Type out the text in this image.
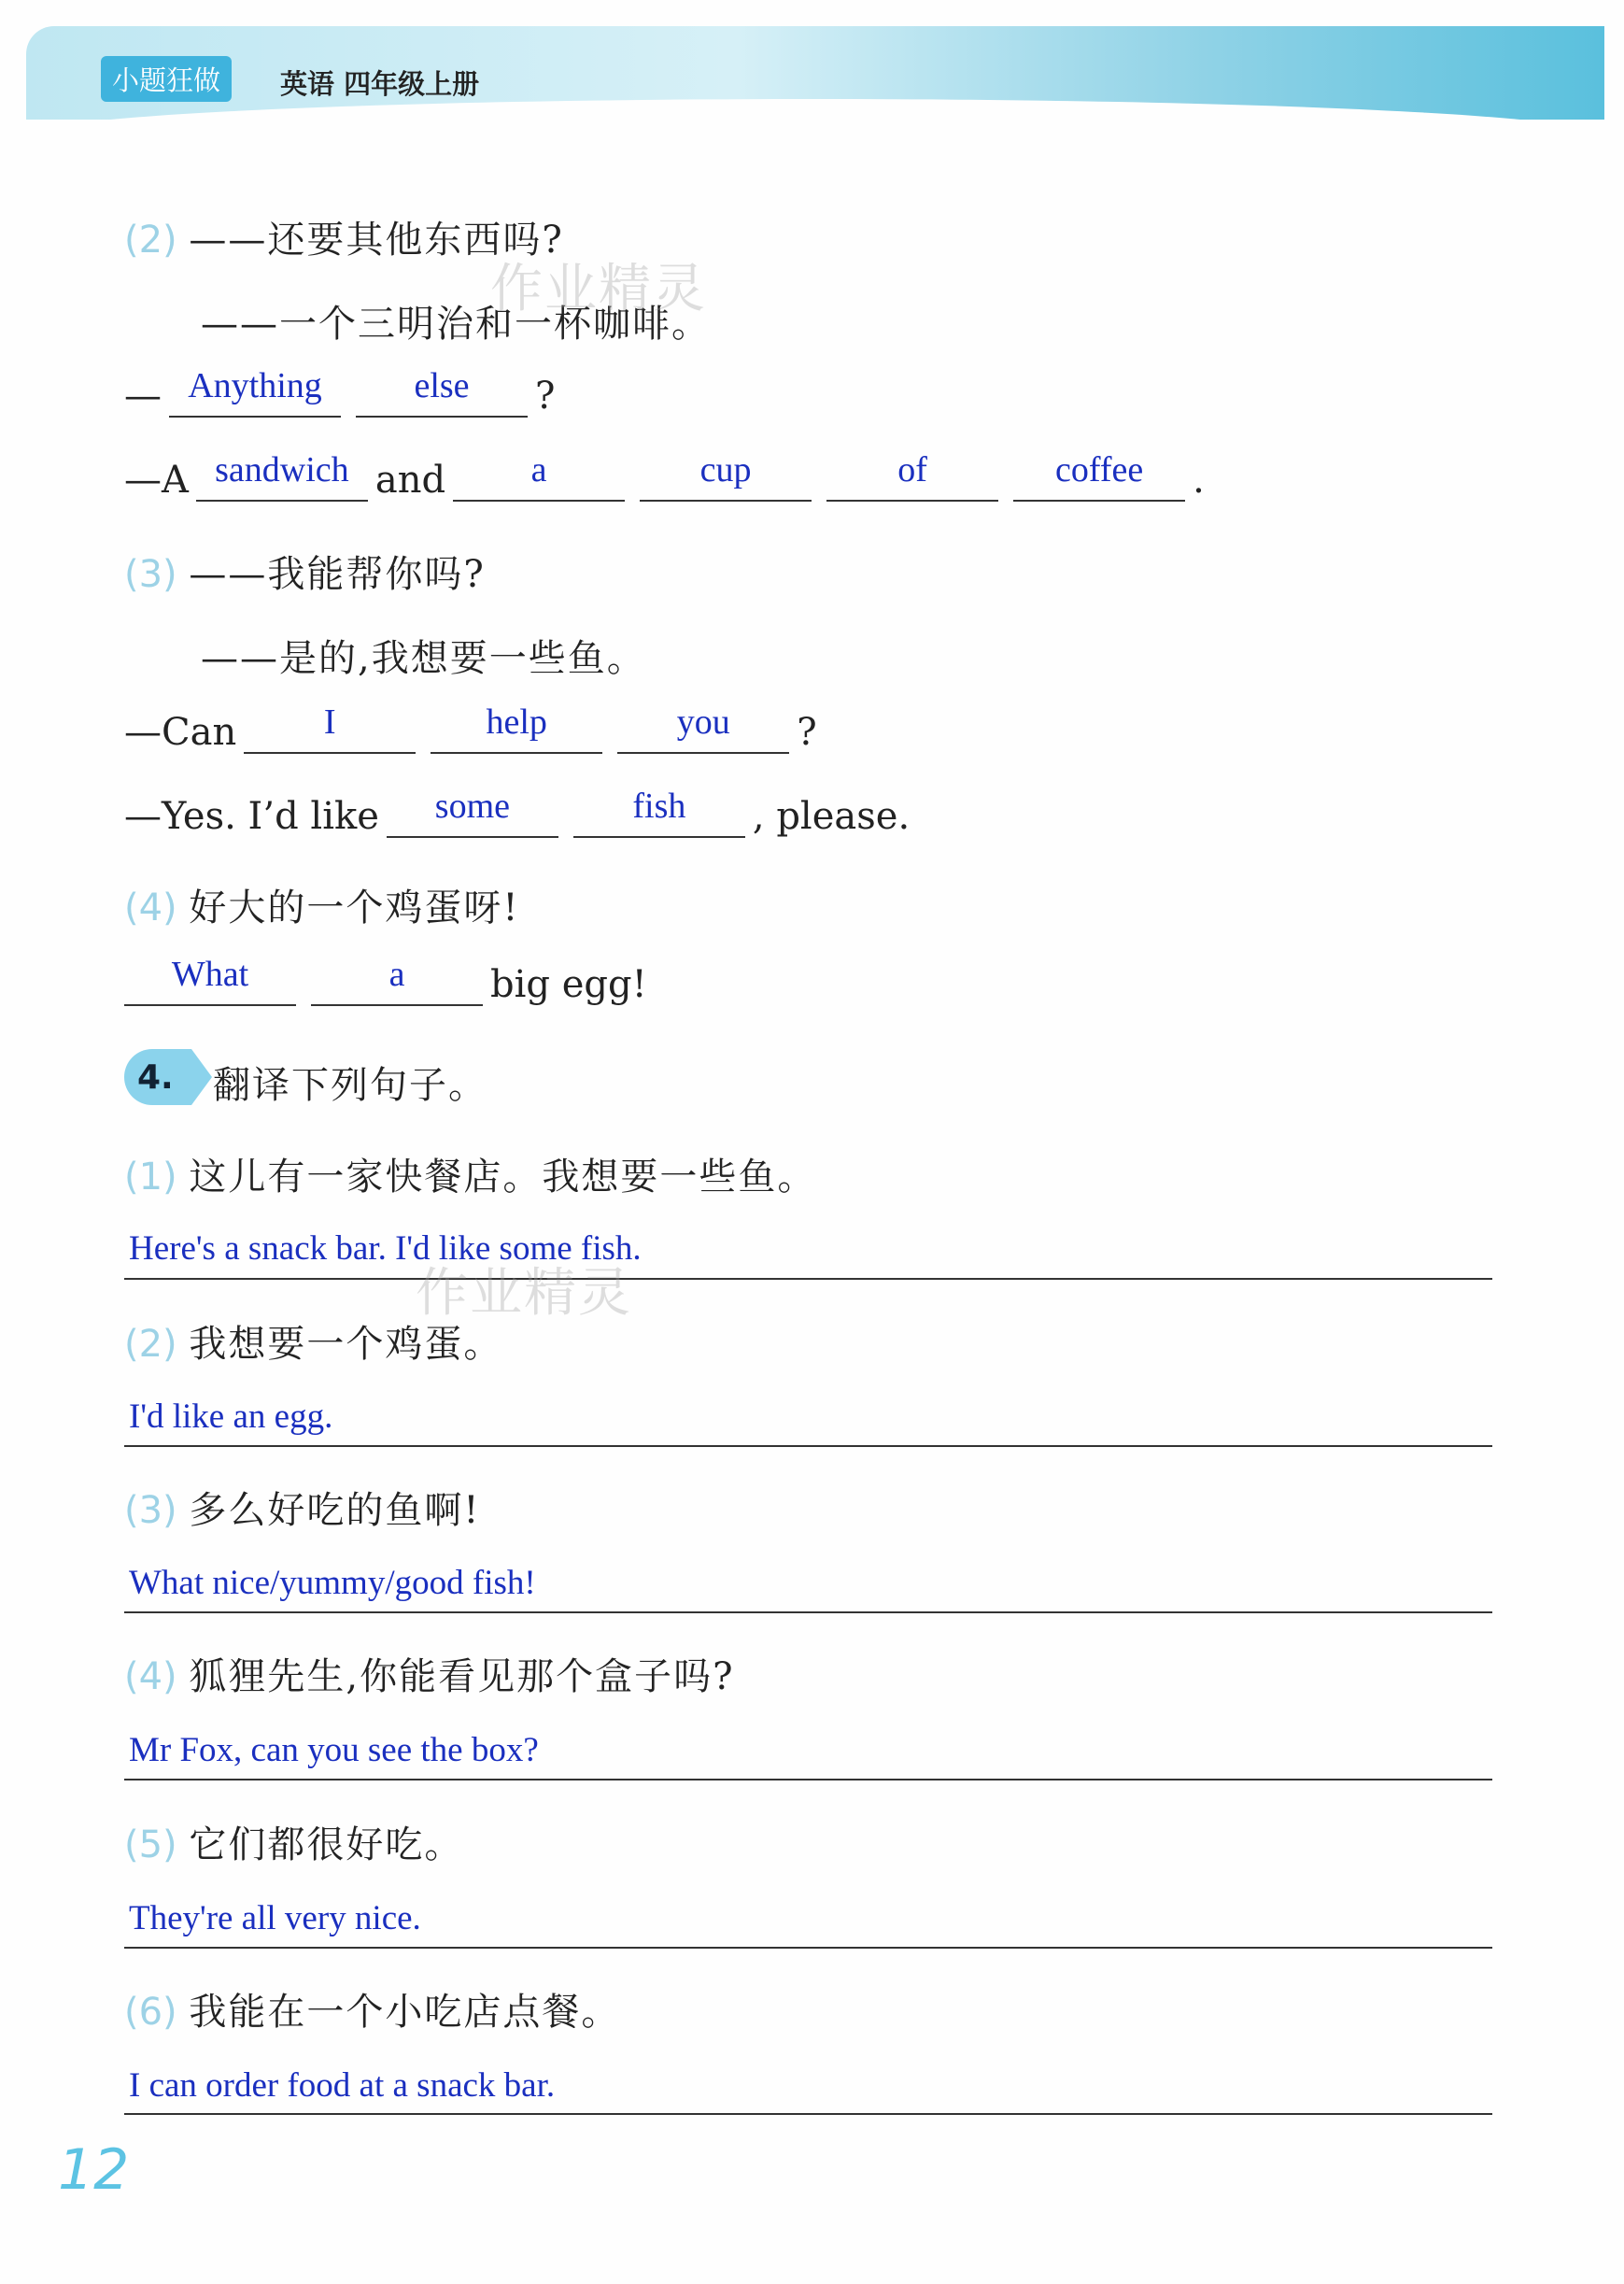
小题狂做	英语 四年级上册
(2) ——还要其他东西吗?
——一个三明治和一杯咖啡。
— Anything	else	?
—A sandwich and	a	cup	of	coffee	.
(3) ——我能帮你吗?
——是的,我想要一些鱼。
—Can	I	help	you	?
—Yes. I’d like	some	fish	, please.
(4) 好大的一个鸡蛋呀!
What	a	big egg!
4. 翻译下列句子。
(1) 这儿有一家快餐店。我想要一些鱼。
Here's a snack bar. I'd like some fish.
(2) 我想要一个鸡蛋。
I'd like an egg.
(3) 多么好吃的鱼啊!
What nice/yummy/good fish!
(4) 狐狸先生,你能看见那个盒子吗?
Mr Fox, can you see the box?
(5) 它们都很好吃。
They're all very nice.
(6) 我能在一个小吃店点餐。
I can order food at a snack bar.
作业精灵
作业精灵
12
